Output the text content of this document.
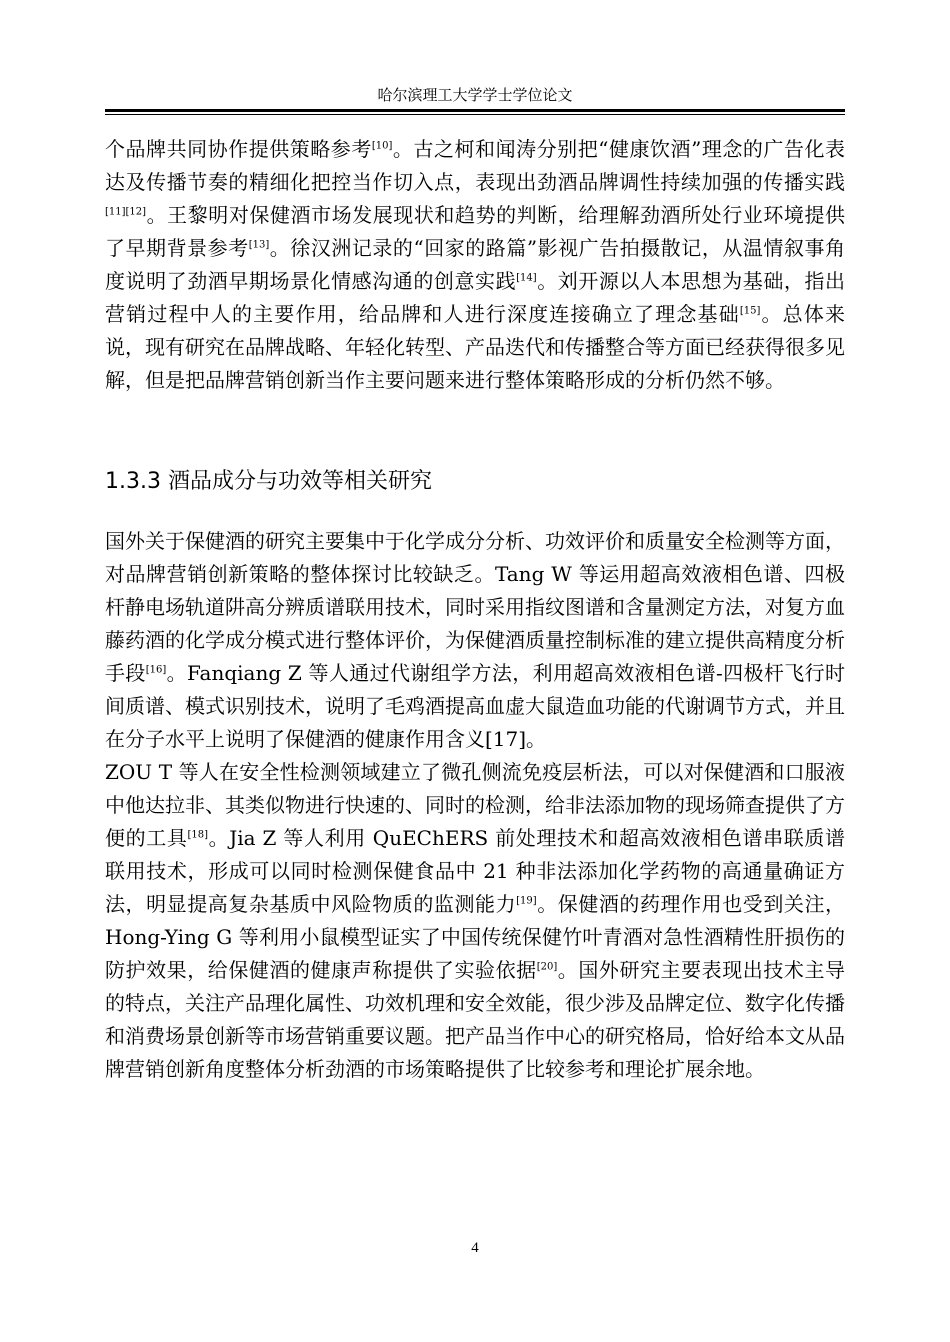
哈尔滨理工大学学士学位论文

个品牌共同协作提供策略参考[10]。古之柯和闻涛分别把“健康饮酒”理念的广告化表达及传播节奏的精细化把控当作切入点，表现出劲酒品牌调性持续加强的传播实践[11][12]。王黎明对保健酒市场发展现状和趋势的判断，给理解劲酒所处行业环境提供了早期背景参考[13]。徐汉洲记录的“回家的路篇”影视广告拍摄散记，从温情叙事角度说明了劲酒早期场景化情感沟通的创意实践[14]。刘开源以人本思想为基础，指出营销过程中人的主要作用，给品牌和人进行深度连接确立了理念基础[15]。总体来说，现有研究在品牌战略、年轻化转型、产品迭代和传播整合等方面已经获得很多见解，但是把品牌营销创新当作主要问题来进行整体策略形成的分析仍然不够。

1.3.3 酒品成分与功效等相关研究

国外关于保健酒的研究主要集中于化学成分分析、功效评价和质量安全检测等方面，对品牌营销创新策略的整体探讨比较缺乏。Tang W 等运用超高效液相色谱、四极杆静电场轨道阱高分辨质谱联用技术，同时采用指纹图谱和含量测定方法，对复方血藤药酒的化学成分模式进行整体评价，为保健酒质量控制标准的建立提供高精度分析手段[16]。Fanqiang Z 等人通过代谢组学方法，利用超高效液相色谱-四极杆飞行时间质谱、模式识别技术，说明了毛鸡酒提高血虚大鼠造血功能的代谢调节方式，并且在分子水平上说明了保健酒的健康作用含义[17]。

ZOU T 等人在安全性检测领域建立了微孔侧流免疫层析法，可以对保健酒和口服液中他达拉非、其类似物进行快速的、同时的检测，给非法添加物的现场筛查提供了方便的工具[18]。Jia Z 等人利用 QuEChERS 前处理技术和超高效液相色谱串联质谱联用技术，形成可以同时检测保健食品中 21 种非法添加化学药物的高通量确证方法，明显提高复杂基质中风险物质的监测能力[19]。保健酒的药理作用也受到关注，Hong-Ying G 等利用小鼠模型证实了中国传统保健竹叶青酒对急性酒精性肝损伤的防护效果，给保健酒的健康声称提供了实验依据[20]。国外研究主要表现出技术主导的特点，关注产品理化属性、功效机理和安全效能，很少涉及品牌定位、数字化传播和消费场景创新等市场营销重要议题。把产品当作中心的研究格局，恰好给本文从品牌营销创新角度整体分析劲酒的市场策略提供了比较参考和理论扩展余地。

4
